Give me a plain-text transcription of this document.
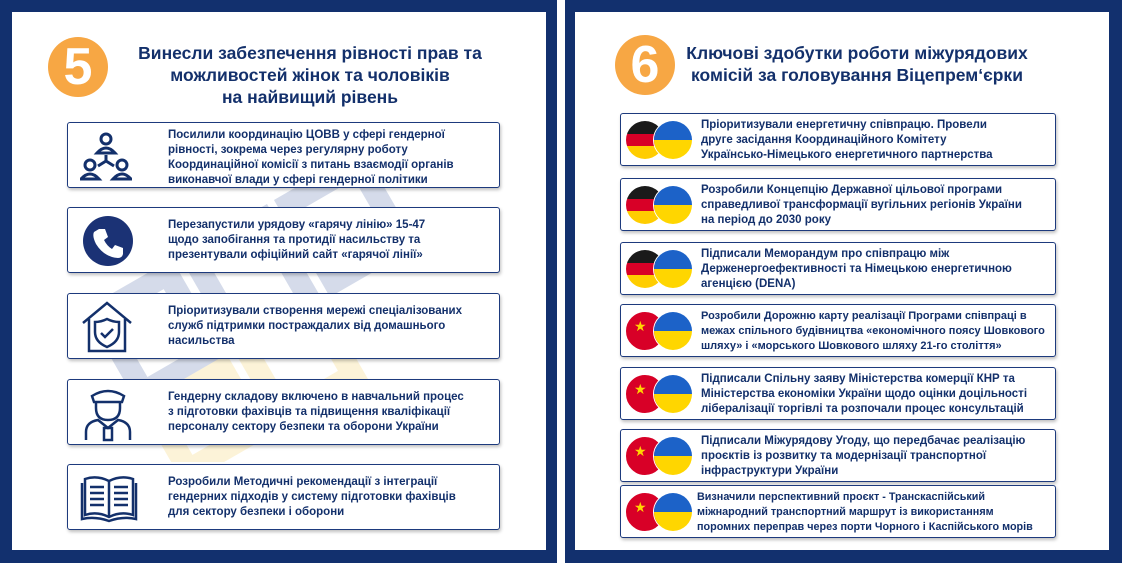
5	Винесли забезпечення рівності прав та
можливостей жінок та чоловіків
на найвищий рівень
Посилили координацію ЦОВВ у сфері гендерної
рівності, зокрема через регулярну роботу
Координаційної комісії з питань взаємодії органів
виконавчої влади у сфері гендерної політики
Перезапустили урядову «гарячу лінію» 15-47
щодо запобігання та протидії насильству та
презентували офіційний сайт «гарячої лінії»
Пріоритизували створення мережі спеціалізованих
служб підтримки постраждалих від домашнього
насильства
Гендерну складову включено в навчальний процес
з підготовки фахівців та підвищення кваліфікації
персоналу сектору безпеки та оборони України
Розробили Методичні рекомендації з інтеграції
гендерних підходів у систему підготовки фахівців
для сектору безпеки і оборони
6	Ключові здобутки роботи міжурядових
комісій за головування Віцепрем‘єрки
Пріоритизували енергетичну співпрацю. Провели
друге засідання Координаційного Комітету
Українсько-Німецького енергетичного партнерства
Розробили Концепцію Державної цільової програми
справедливої трансформації вугільних регіонів України
на період до 2030 року
Підписали Меморандум про співпрацю між
Держенергоефективності та Німецькою енергетичною
агенцією (DENA)
★
Розробили Дорожню карту реалізації Програми співпраці в
межах спільного будівництва «економічного поясу Шовкового
шляху» і «морського Шовкового шляху 21-го століття»
★
Підписали Спільну заяву Міністерства комерції КНР та
Міністерства економіки України щодо оцінки доцільності
лібералізації торгівлі та розпочали процес консультацій
★
Підписали Міжурядову Угоду, що передбачає реалізацію
проєктів із розвитку та модернізації транспортної
інфраструктури України
★
Визначили перспективний проєкт - Транскаспійський
міжнародний транспортний маршрут із використанням
поромних переправ через порти Чорного і Каспійського морів
